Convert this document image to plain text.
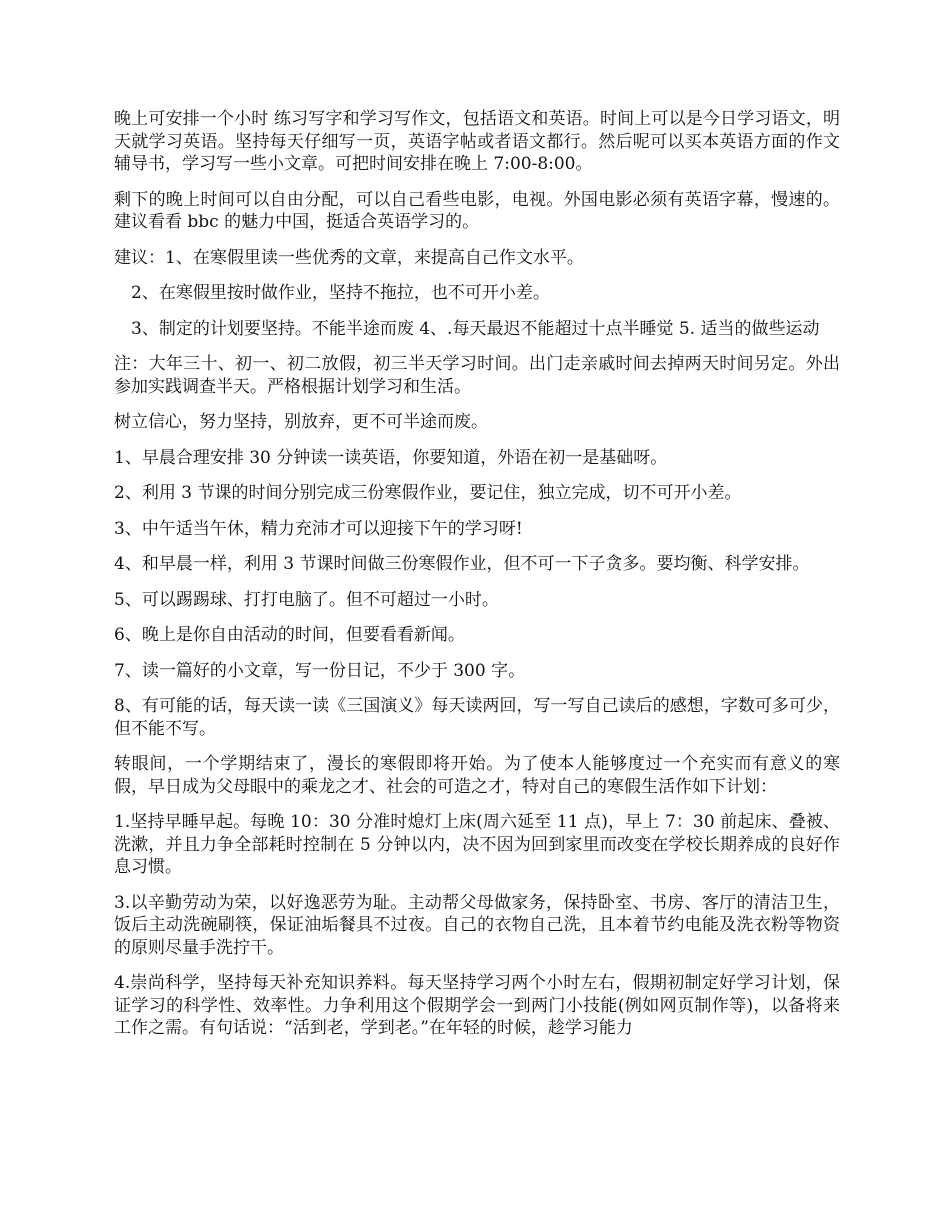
晚上可安排一个小时 练习写字和学习写作文，包括语文和英语。时间上可以是今日学习语文，明天就学习英语。坚持每天仔细写一页，英语字帖或者语文都行。然后呢可以买本英语方面的作文辅导书，学习写一些小文章。可把时间安排在晚上 7:00-8:00。

剩下的晚上时间可以自由分配，可以自己看些电影，电视。外国电影必须有英语字幕，慢速的。建议看看 bbc 的魅力中国，挺适合英语学习的。

建议：1、在寒假里读一些优秀的文章，来提高自己作文水平。

2、在寒假里按时做作业，坚持不拖拉，也不可开小差。

3、制定的计划要坚持。不能半途而废 4、.每天最迟不能超过十点半睡觉 5. 适当的做些运动

注：大年三十、初一、初二放假，初三半天学习时间。出门走亲戚时间去掉两天时间另定。外出参加实践调查半天。严格根据计划学习和生活。

树立信心，努力坚持，别放弃，更不可半途而废。

1、早晨合理安排 30 分钟读一读英语，你要知道，外语在初一是基础呀。

2、利用 3 节课的时间分别完成三份寒假作业，要记住，独立完成，切不可开小差。

3、中午适当午休，精力充沛才可以迎接下午的学习呀!

4、和早晨一样，利用 3 节课时间做三份寒假作业，但不可一下子贪多。要均衡、科学安排。

5、可以踢踢球、打打电脑了。但不可超过一小时。

6、晚上是你自由活动的时间，但要看看新闻。

7、读一篇好的小文章，写一份日记，不少于 300 字。

8、有可能的话，每天读一读《三国演义》每天读两回，写一写自己读后的感想，字数可多可少，但不能不写。

转眼间，一个学期结束了，漫长的寒假即将开始。为了使本人能够度过一个充实而有意义的寒假，早日成为父母眼中的乘龙之才、社会的可造之才，特对自己的寒假生活作如下计划：

1.坚持早睡早起。每晚 10：30 分准时熄灯上床(周六延至 11 点)，早上 7：30 前起床、叠被、洗漱，并且力争全部耗时控制在 5 分钟以内，决不因为回到家里而改变在学校长期养成的良好作息习惯。

3.以辛勤劳动为荣，以好逸恶劳为耻。主动帮父母做家务，保持卧室、书房、客厅的清洁卫生，饭后主动洗碗刷筷，保证油垢餐具不过夜。自己的衣物自己洗，且本着节约电能及洗衣粉等物资的原则尽量手洗拧干。

4.崇尚科学，坚持每天补充知识养料。每天坚持学习两个小时左右，假期初制定好学习计划，保证学习的科学性、效率性。力争利用这个假期学会一到两门小技能(例如网页制作等)，以备将来工作之需。有句话说：“活到老，学到老。”在年轻的时候，趁学习能力
